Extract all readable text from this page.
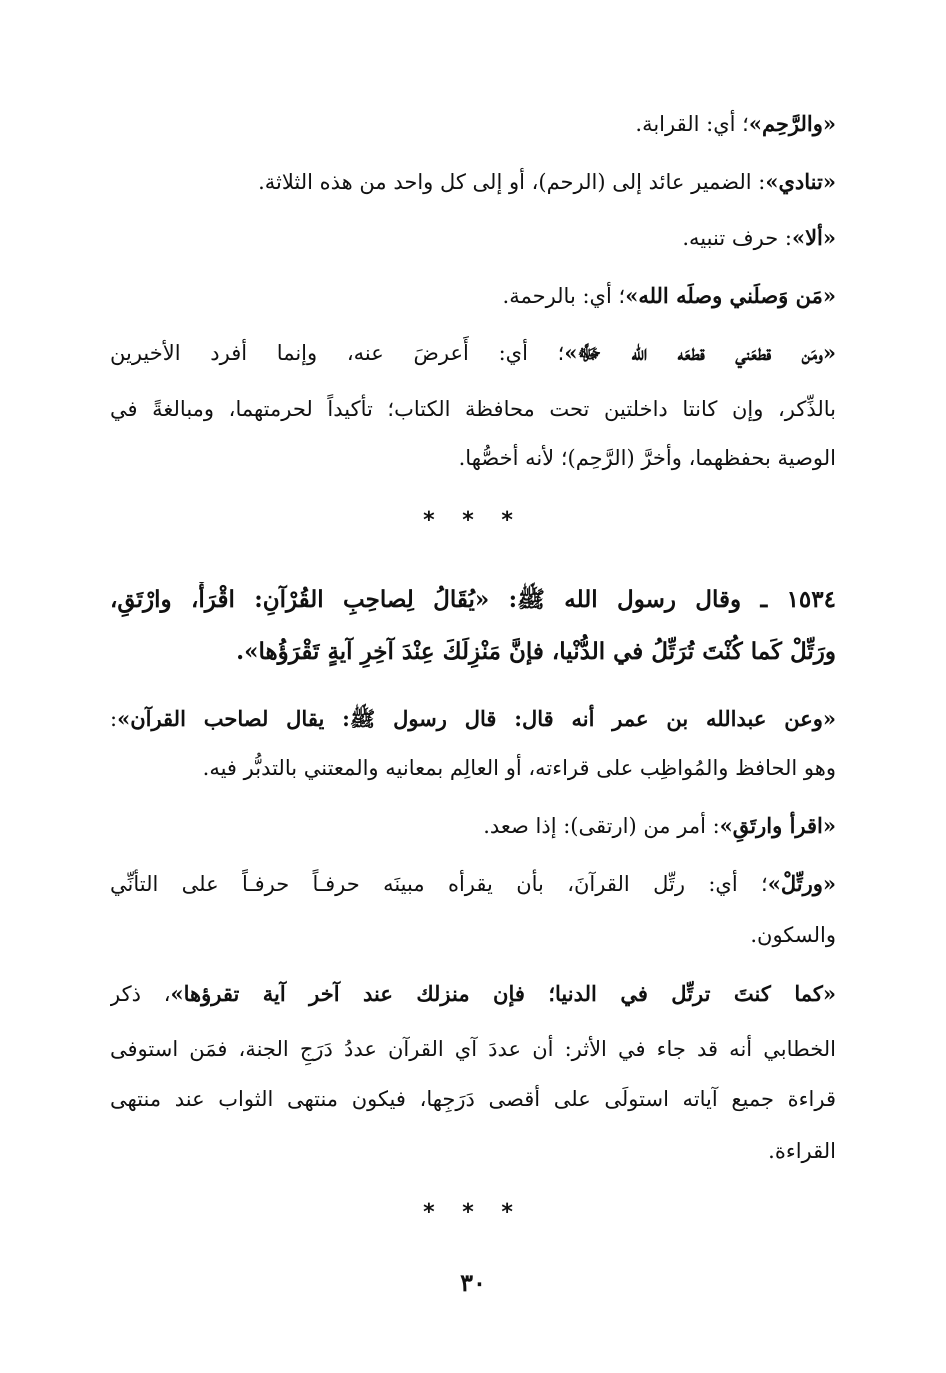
«والرَّحِم»؛ أي: القرابة.
«تنادي»: الضمير عائد إلى (الرحم)، أو إلى كل واحد من هذه الثلاثة.
«ألا»: حرف تنبيه.
«مَن وَصلَني وصلَه الله»؛ أي: بالرحمة.
«ومَن قطعَني قطعَه الله ﷻ»؛ أي: أَعرضَ عنه، وإنما أفرد الأخيرين
بالذِّكر، وإن كانتا داخلتين تحت محافظة الكتاب؛ تأكيداً لحرمتهما، ومبالغةً في
الوصية بحفظهما، وأخرَّ (الرَّحِم)؛ لأنه أخصُّها.
* * *
١٥٣٤ ـ وقال رسول الله ﷺ: «يُقَالُ لِصاحِبِ القُرْآنِ: اقْرَأْ، وارْتَقِ،
ورَتِّلْ كَما كُنْتَ تُرَتِّلُ في الدُّنْيا، فإنَّ مَنْزِلَكَ عِنْدَ آخِرِ آيةٍ تَقْرَؤُها».
«وعن عبدالله بن عمر أنه قال: قال رسول ﷺ: يقال لصاحب القرآن»:
وهو الحافظ والمُواظِب على قراءته، أو العالِم بمعانيه والمعتني بالتدبُّر فيه.
«اقرأ وارتَقِ»: أمر من (ارتقى): إذا صعد.
«ورتِّلْ»؛ أي: رتِّل القرآنَ، بأن يقرأه مبينَه حرفـاً حرفـاً على التأنِّي
والسكون.
«كما كنتَ ترتِّل في الدنيا؛ فإن منزلك عند آخر آية تقرؤها»، ذكر
الخطابي أنه قد جاء في الأثر: أن عددَ آي القرآن عددُ دَرَجِ الجنة، فمَن استوفى
قراءة جميع آياته استولَى على أقصى دَرَجِها، فيكون منتهى الثواب عند منتهى
القراءة.
* * *
٣٠
